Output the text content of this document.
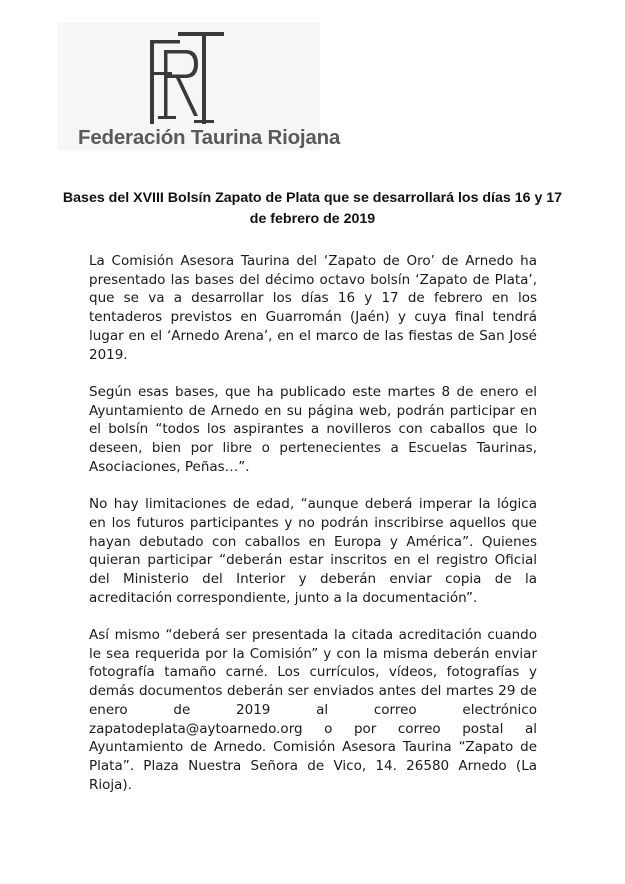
Federación Taurina Riojana
Bases del XVIII Bolsín Zapato de Plata que se desarrollará los días 16 y 17 de febrero de 2019

La Comisión Asesora Taurina del ‘Zapato de Oro’ de Arnedo ha presentado las bases del décimo octavo bolsín ‘Zapato de Plata’, que se va a desarrollar los días 16 y 17 de febrero en los tentaderos previstos en Guarromán (Jaén) y cuya final tendrá lugar en el ‘Arnedo Arena’, en el marco de las fiestas de San José 2019.

Según esas bases, que ha publicado este martes 8 de enero el Ayuntamiento de Arnedo en su página web, podrán participar en el bolsín “todos los aspirantes a novilleros con caballos que lo deseen, bien por libre o pertenecientes a Escuelas Taurinas, Asociaciones, Peñas…”.

No hay limitaciones de edad, “aunque deberá imperar la lógica en los futuros participantes y no podrán inscribirse aquellos que hayan debutado con caballos en Europa y América”. Quienes quieran participar “deberán estar inscritos en el registro Oficial del Ministerio del Interior y deberán enviar copia de la acreditación correspondiente, junto a la documentación”.

Así mismo “deberá ser presentada la citada acreditación cuando le sea requerida por la Comisión” y con la misma deberán enviar fotografía tamaño carné. Los currículos, vídeos, fotografías y demás documentos deberán ser enviados antes del martes 29 de enero de 2019 al correo electrónico zapatodeplata@aytoarnedo.org o por correo postal al Ayuntamiento de Arnedo. Comisión Asesora Taurina “Zapato de Plata”. Plaza Nuestra Señora de Vico, 14. 26580 Arnedo (La Rioja).
